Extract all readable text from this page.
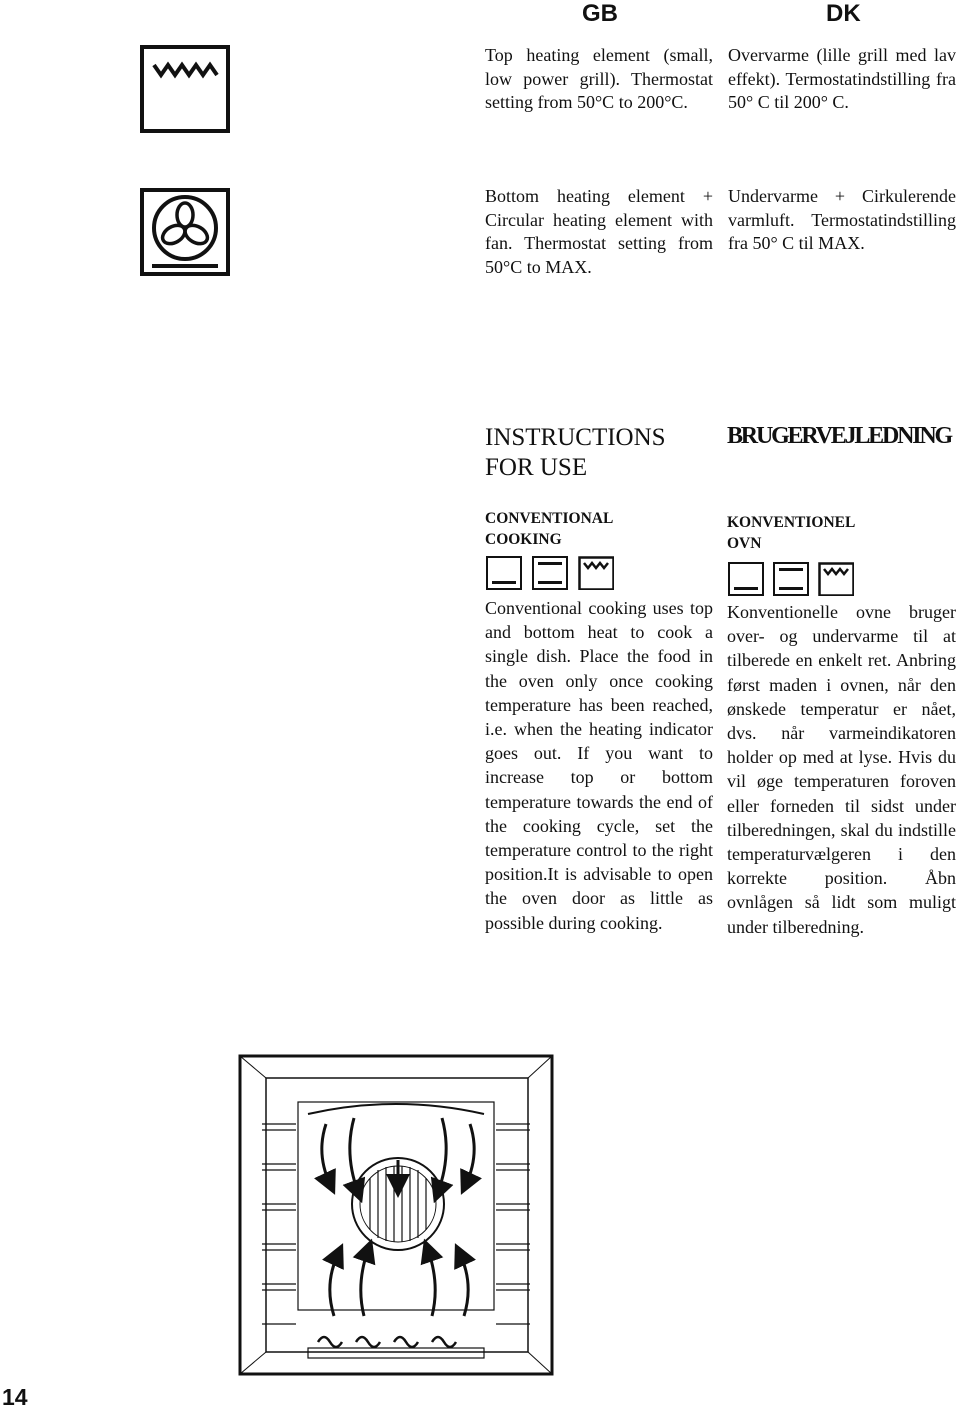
GB	DK
Top heating element (small, low power grill). Thermostat setting from 50°C to 200°C.
Overvarme (lille grill med lav effekt). Termostatindstilling fra 50° C til 200° C.
Bottom heating element + Circular heating element with fan. Thermostat setting from 50°C to MAX.
Undervarme + Cirkulerende varmluft. Termostatindstilling fra 50° C til MAX.
INSTRUCTIONS
FOR USE
BRUGERVEJLEDNING
CONVENTIONAL
COOKING
KONVENTIONEL
OVN
Conventional cooking uses top and bottom heat to cook a single dish. Place the food in the oven only once cooking temperature has been reached, i.e. when the heating indicator goes out. If you want to increase top or bottom temperature towards the end of the cooking cycle, set the temperature control to the right position.It is advisable to open the oven door as little as possible during cooking.
Konventionelle ovne bruger over- og undervarme til at tilberede en enkelt ret. Anbring først maden i ovnen, når den ønskede temperatur er nået, dvs. når varmeindikatoren holder op med at lyse. Hvis du vil øge temperaturen foroven eller forneden til sidst under tilberedningen, skal du indstille temperaturvælgeren i den korrekte position. Åbn ovnlågen så lidt som muligt under tilberedning.
14
